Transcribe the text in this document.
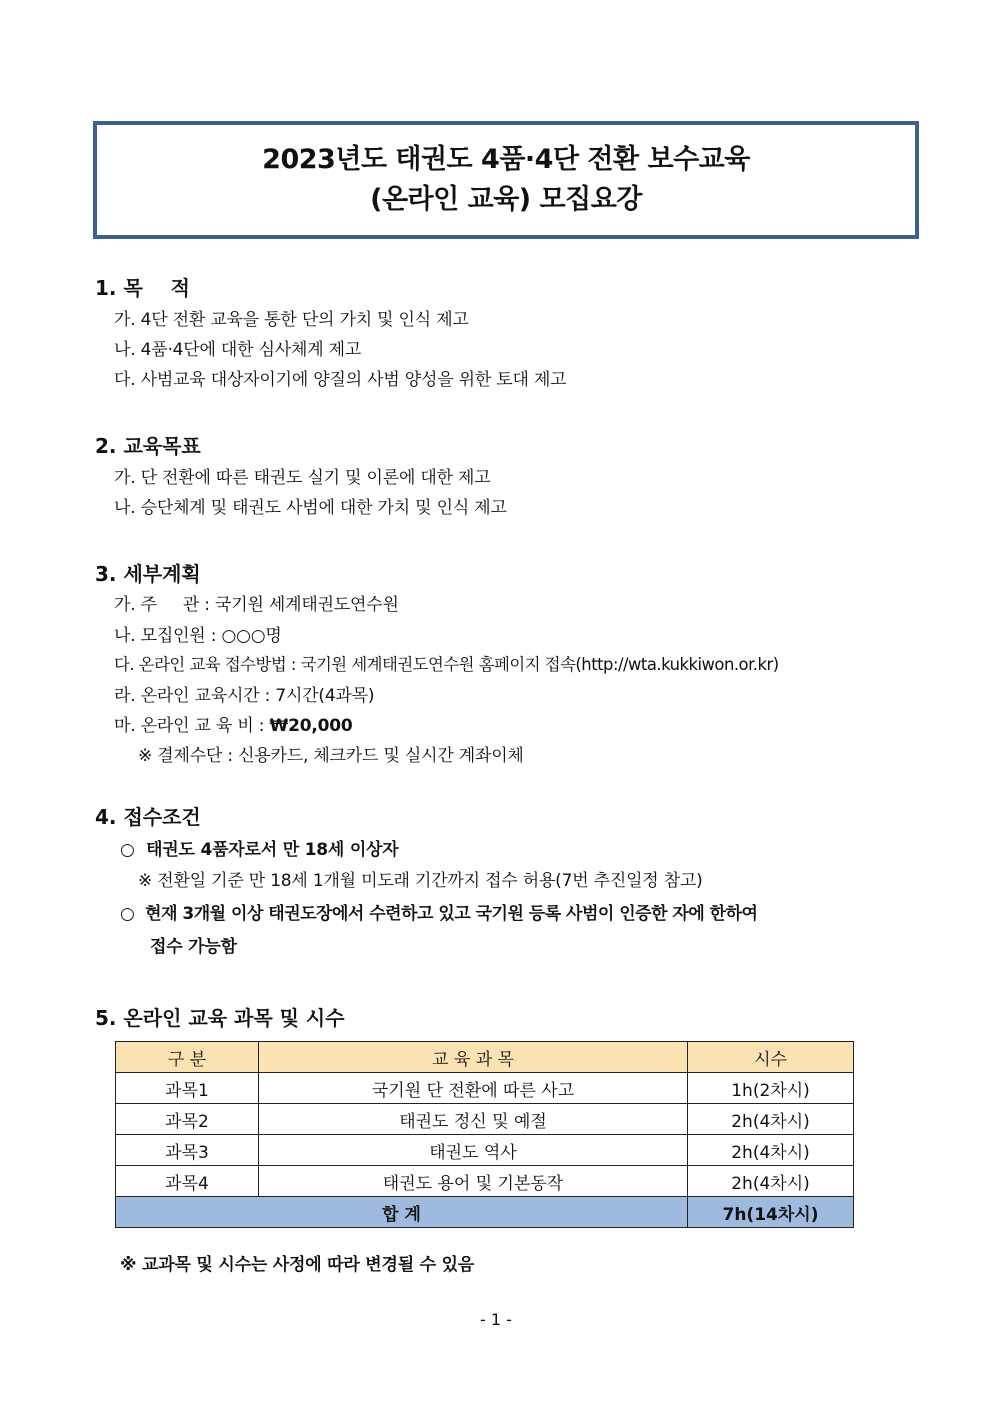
2023년도 태권도 4품·4단 전환 보수교육
(온라인 교육) 모집요강
1. 목    적
가. 4단 전환 교육을 통한 단의 가치 및 인식 제고
나. 4품·4단에 대한 심사체계 제고
다. 사범교육 대상자이기에 양질의 사범 양성을 위한 토대 제고
2. 교육목표
가. 단 전환에 따른 태권도 실기 및 이론에 대한 제고
나. 승단체계 및 태권도 사범에 대한 가치 및 인식 제고
3. 세부계획
가. 주     관 : 국기원 세계태권도연수원
나. 모집인원 : ○○○명
다. 온라인 교육 접수방법 : 국기원 세계태권도연수원 홈페이지 접속(http://wta.kukkiwon.or.kr)
라. 온라인 교육시간 : 7시간(4과목)
마. 온라인 교 육 비 : ₩20,000
※ 결제수단 : 신용카드, 체크카드 및 실시간 계좌이체
4. 접수조건
○  태권도 4품자로서 만 18세 이상자
※ 전환일 기준 만 18세 1개월 미도래 기간까지 접수 허용(7번 추진일정 참고)
○  현재 3개월 이상 태권도장에서 수련하고 있고 국기원 등록 사범이 인증한 자에 한하여
접수 가능함
5. 온라인 교육 과목 및 시수
구 분	교 육 과 목	시수
과목1	국기원 단 전환에 따른 사고	1h(2차시)
과목2	태권도 정신 및 예절	2h(4차시)
과목3	태권도 역사	2h(4차시)
과목4	태권도 용어 및 기본동작	2h(4차시)
합 계		7h(14차시)
※ 교과목 및 시수는 사정에 따라 변경될 수 있음
- 1 -
